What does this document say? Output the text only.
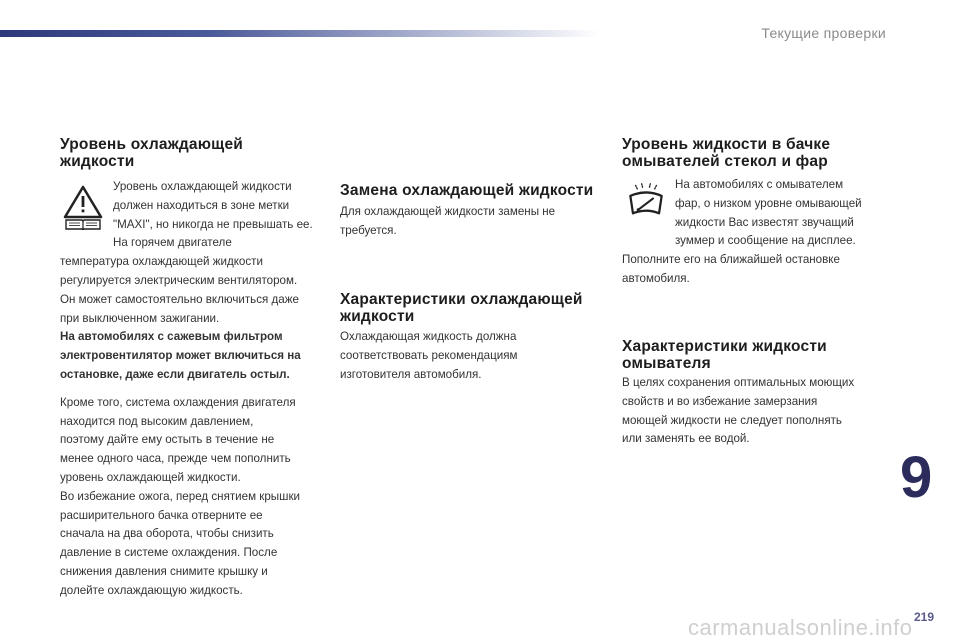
Текущие проверки
Уровень охлаждающей
жидкости

Уровень охлаждающей жидкости
должен находиться в зоне метки
"MAXI", но никогда не превышать ее.
На горячем двигателе

температура охлаждающей жидкости
регулируется электрическим вентилятором.
Он может самостоятельно включиться даже
при выключенном зажигании.

На автомобилях с сажевым фильтром
электровентилятор может включиться на
остановке, даже если двигатель остыл.

Кроме того, система охлаждения двигателя
находится под высоким давлением,
поэтому дайте ему остыть в течение не
менее одного часа, прежде чем пополнить
уровень охлаждающей жидкости.
Во избежание ожога, перед снятием крышки
расширительного бачка отверните ее
сначала на два оборота, чтобы снизить
давление в системе охлаждения. После
снижения давления снимите крышку и
долейте охлаждающую жидкость.

Замена охлаждающей жидкости

Для охлаждающей жидкости замены не
требуется.

Характеристики охлаждающей
жидкости

Охлаждающая жидкость должна
соответствовать рекомендациям
изготовителя автомобиля.

Уровень жидкости в бачке
омывателей стекол и фар

На автомобилях с омывателем
фар, о низком уровне омывающей
жидкости Вас известят звучащий
зуммер и сообщение на дисплее.

Пополните его на ближайшей остановке
автомобиля.

Характеристики жидкости
омывателя

В целях сохранения оптимальных моющих
свойств и во избежание замерзания
моющей жидкости не следует пополнять
или заменять ее водой.

9
carmanualsonline.info 219
